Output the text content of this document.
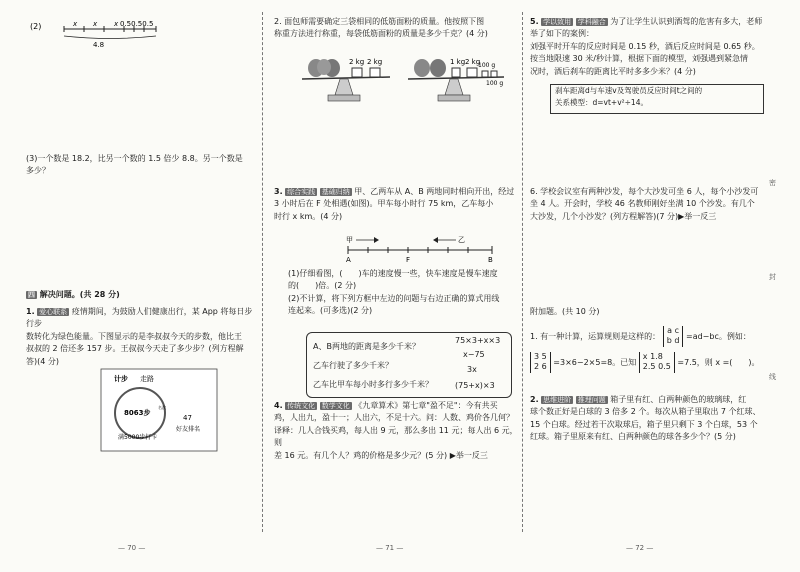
(2)	x x x 0.50.50.5
4.8

(3)一个数是 18.2，比另一个数的 1.5 倍少 8.8。另一个数是
多少？

四 解决问题。(共 28 分)

1. 爱心联系 疫情期间，为鼓励人们健康出行，某 App 将每日步行步
数转化为绿色能量。下图显示的是李叔叔今天的步数，他比王
叔叔的 2 倍还多 157 步。王叔叔今天走了多少步？(列方程解
答)(4 分)

计步 走路
8063步
名次
满5000步打卡
47
好友排名

2. 面包师需要确定三袋相同的低筋面粉的质量。他按照下图
称重方法进行称重，每袋低筋面粉的质量是多少千克？(4 分)

2 kg 2 kg	1 kg 2 kg
100 g
100 g

3. 综合实践 基础归纳 甲、乙两车从 A、B 两地同时相向开出，经过
3 小时后在 F 处相遇(如图)。甲车每小时行 75 km，乙车每小
时行 x km。(4 分)

甲	乙
A	F	B

(1)仔细看图，(　　)车的速度慢一些，快车速度是慢车速度
的(　　)倍。(2 分)
(2)不计算，将下列方框中左边的问题与右边正确的算式用线
连起来。(可多选)(2 分)

A、B两地的距离是多少千米？
乙车行驶了多少千米？
乙车比甲车每小时多行多少千米？
75×3+x×3
x−75
3x
(75+x)×3

4. 传统文化 数学文化 《九章算术》第七章"盈不足"：今有共买
鸡，人出九，盈十一；人出六，不足十六。问：人数、鸡价各几何？
译释：几人合钱买鸡，每人出 9 元，那么多出 11 元；每人出 6 元，则
差 16 元。有几个人？鸡的价格是多少元？(5 分) ▶举一反三

5. 学以致用 学科融合 为了让学生认识到酒驾的危害有多大，老师举了如下的案例：
刘强平时开车的反应时间是 0.15 秒，酒后反应时间是 0.65 秒。
按当地限速 30 米/秒计算，根据下面的模型，刘强遇到紧急情
况时，酒后刹车的距离比平时多多少米？(4 分)

刹车距离d与车速v及驾驶员反应时间t之间的
关系模型：d=vt+v²÷14。

6. 学校会议室有两种沙发，每个大沙发可坐 6 人，每个小沙发可
坐 4 人。开会时，学校 46 名教师刚好坐满 10 个沙发。有几个
大沙发，几个小沙发？(列方程解答)(7 分)▶举一反三

附加题。(共 10 分)
1. 有一种计算，运算规则是这样的： a c
b d =ad−bc。例如：
3 5
2 6 =3×6−2×5=8。已知 x 1.8
2.5 0.5 =7.5，则 x =(　　)。

2. 思维进阶 推理问题 箱子里有红、白两种颜色的玻璃球，红
球个数正好是白球的 3 倍多 2 个。每次从箱子里取出 7 个红球、
15 个白球。经过若干次取球后，箱子里只剩下 3 个白球，53 个
红球。箱子里原来有红、白两种颜色的球各多少个？(5 分)

密
封
线
— 70 —	— 71 —	— 72 —
